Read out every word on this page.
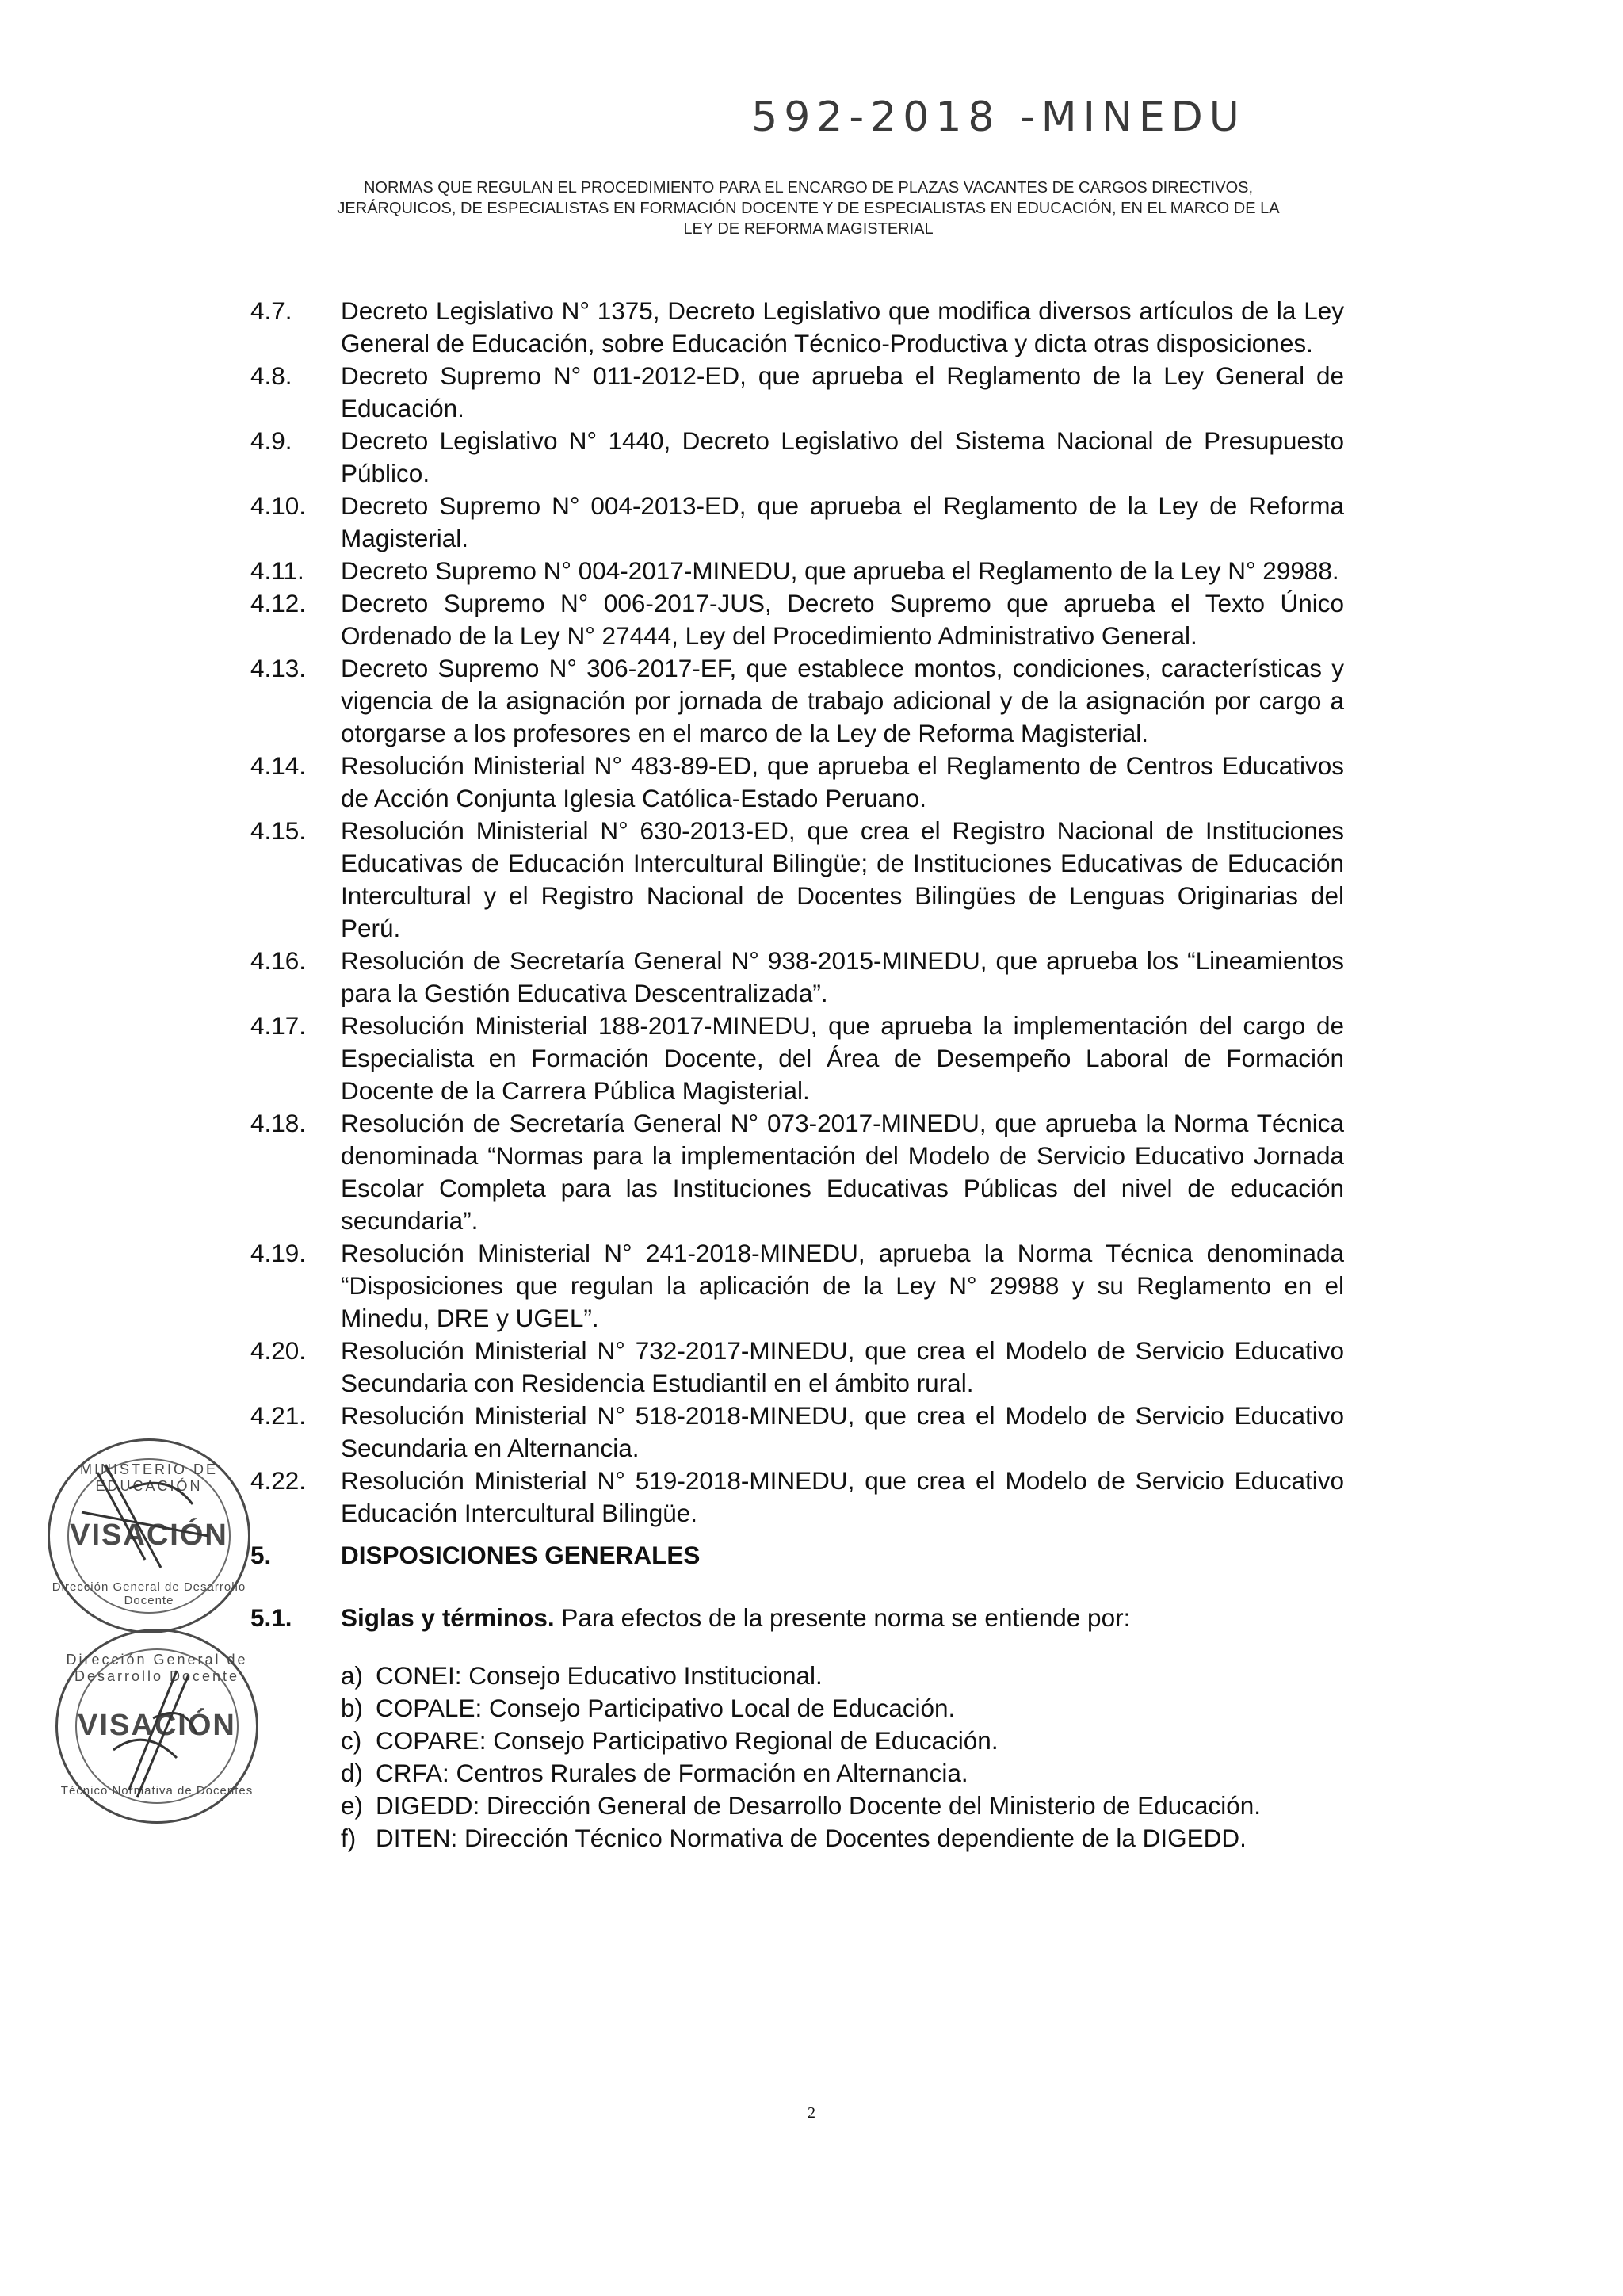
592-2018 -MINEDU
NORMAS QUE REGULAN EL PROCEDIMIENTO PARA EL ENCARGO DE PLAZAS VACANTES DE CARGOS DIRECTIVOS,
JERÁRQUICOS, DE ESPECIALISTAS EN FORMACIÓN DOCENTE Y DE ESPECIALISTAS EN EDUCACIÓN, EN EL MARCO DE LA
LEY DE REFORMA MAGISTERIAL
4.7.	Decreto Legislativo N° 1375, Decreto Legislativo que modifica diversos artículos de la Ley General de Educación, sobre Educación Técnico-Productiva y dicta otras disposiciones.
4.8.	Decreto Supremo N° 011-2012-ED, que aprueba el Reglamento de la Ley General de Educación.
4.9.	Decreto Legislativo N° 1440, Decreto Legislativo del Sistema Nacional de Presupuesto Público.
4.10.	Decreto Supremo N° 004-2013-ED, que aprueba el Reglamento de la Ley de Reforma Magisterial.
4.11.	Decreto Supremo N° 004-2017-MINEDU, que aprueba el Reglamento de la Ley N° 29988.
4.12.	Decreto Supremo N° 006-2017-JUS, Decreto Supremo que aprueba el Texto Único Ordenado de la Ley N° 27444, Ley del Procedimiento Administrativo General.
4.13.	Decreto Supremo N° 306-2017-EF, que establece montos, condiciones, características y vigencia de la asignación por jornada de trabajo adicional y de la asignación por cargo a otorgarse a los profesores en el marco de la Ley de Reforma Magisterial.
4.14.	Resolución Ministerial N° 483-89-ED, que aprueba el Reglamento de Centros Educativos de Acción Conjunta Iglesia Católica-Estado Peruano.
4.15.	Resolución Ministerial N° 630-2013-ED, que crea el Registro Nacional de Instituciones Educativas de Educación Intercultural Bilingüe; de Instituciones Educativas de Educación Intercultural y el Registro Nacional de Docentes Bilingües de Lenguas Originarias del Perú.
4.16.	Resolución de Secretaría General N° 938-2015-MINEDU, que aprueba los “Lineamientos para la Gestión Educativa Descentralizada”.
4.17.	Resolución Ministerial 188-2017-MINEDU, que aprueba la implementación del cargo de Especialista en Formación Docente, del Área de Desempeño Laboral de Formación Docente de la Carrera Pública Magisterial.
4.18.	Resolución de Secretaría General N° 073-2017-MINEDU, que aprueba la Norma Técnica denominada “Normas para la implementación del Modelo de Servicio Educativo Jornada Escolar Completa para las Instituciones Educativas Públicas del nivel de educación secundaria”.
4.19.	Resolución Ministerial N° 241-2018-MINEDU, aprueba la Norma Técnica denominada “Disposiciones que regulan la aplicación de la Ley N° 29988 y su Reglamento en el Minedu, DRE y UGEL”.
4.20.	Resolución Ministerial N° 732-2017-MINEDU, que crea el Modelo de Servicio Educativo Secundaria con Residencia Estudiantil en el ámbito rural.
4.21.	Resolución Ministerial N° 518-2018-MINEDU, que crea el Modelo de Servicio Educativo Secundaria en Alternancia.
4.22.	Resolución Ministerial N° 519-2018-MINEDU, que crea el Modelo de Servicio Educativo Educación Intercultural Bilingüe.
5.	DISPOSICIONES GENERALES
5.1.	Siglas y términos. Para efectos de la presente norma se entiende por:
a) CONEI: Consejo Educativo Institucional.
b) COPALE: Consejo Participativo Local de Educación.
c) COPARE: Consejo Participativo Regional de Educación.
d) CRFA: Centros Rurales de Formación en Alternancia.
e) DIGEDD: Dirección General de Desarrollo Docente del Ministerio de Educación.
f) DITEN: Dirección Técnico Normativa de Docentes dependiente de la DIGEDD.
MINISTERIO DE EDUCACIÓN
VISACIÓN
Dirección General de Desarrollo Docente
Dirección General de Desarrollo Docente
VISACIÓN
Técnico Normativa de Docentes
2
